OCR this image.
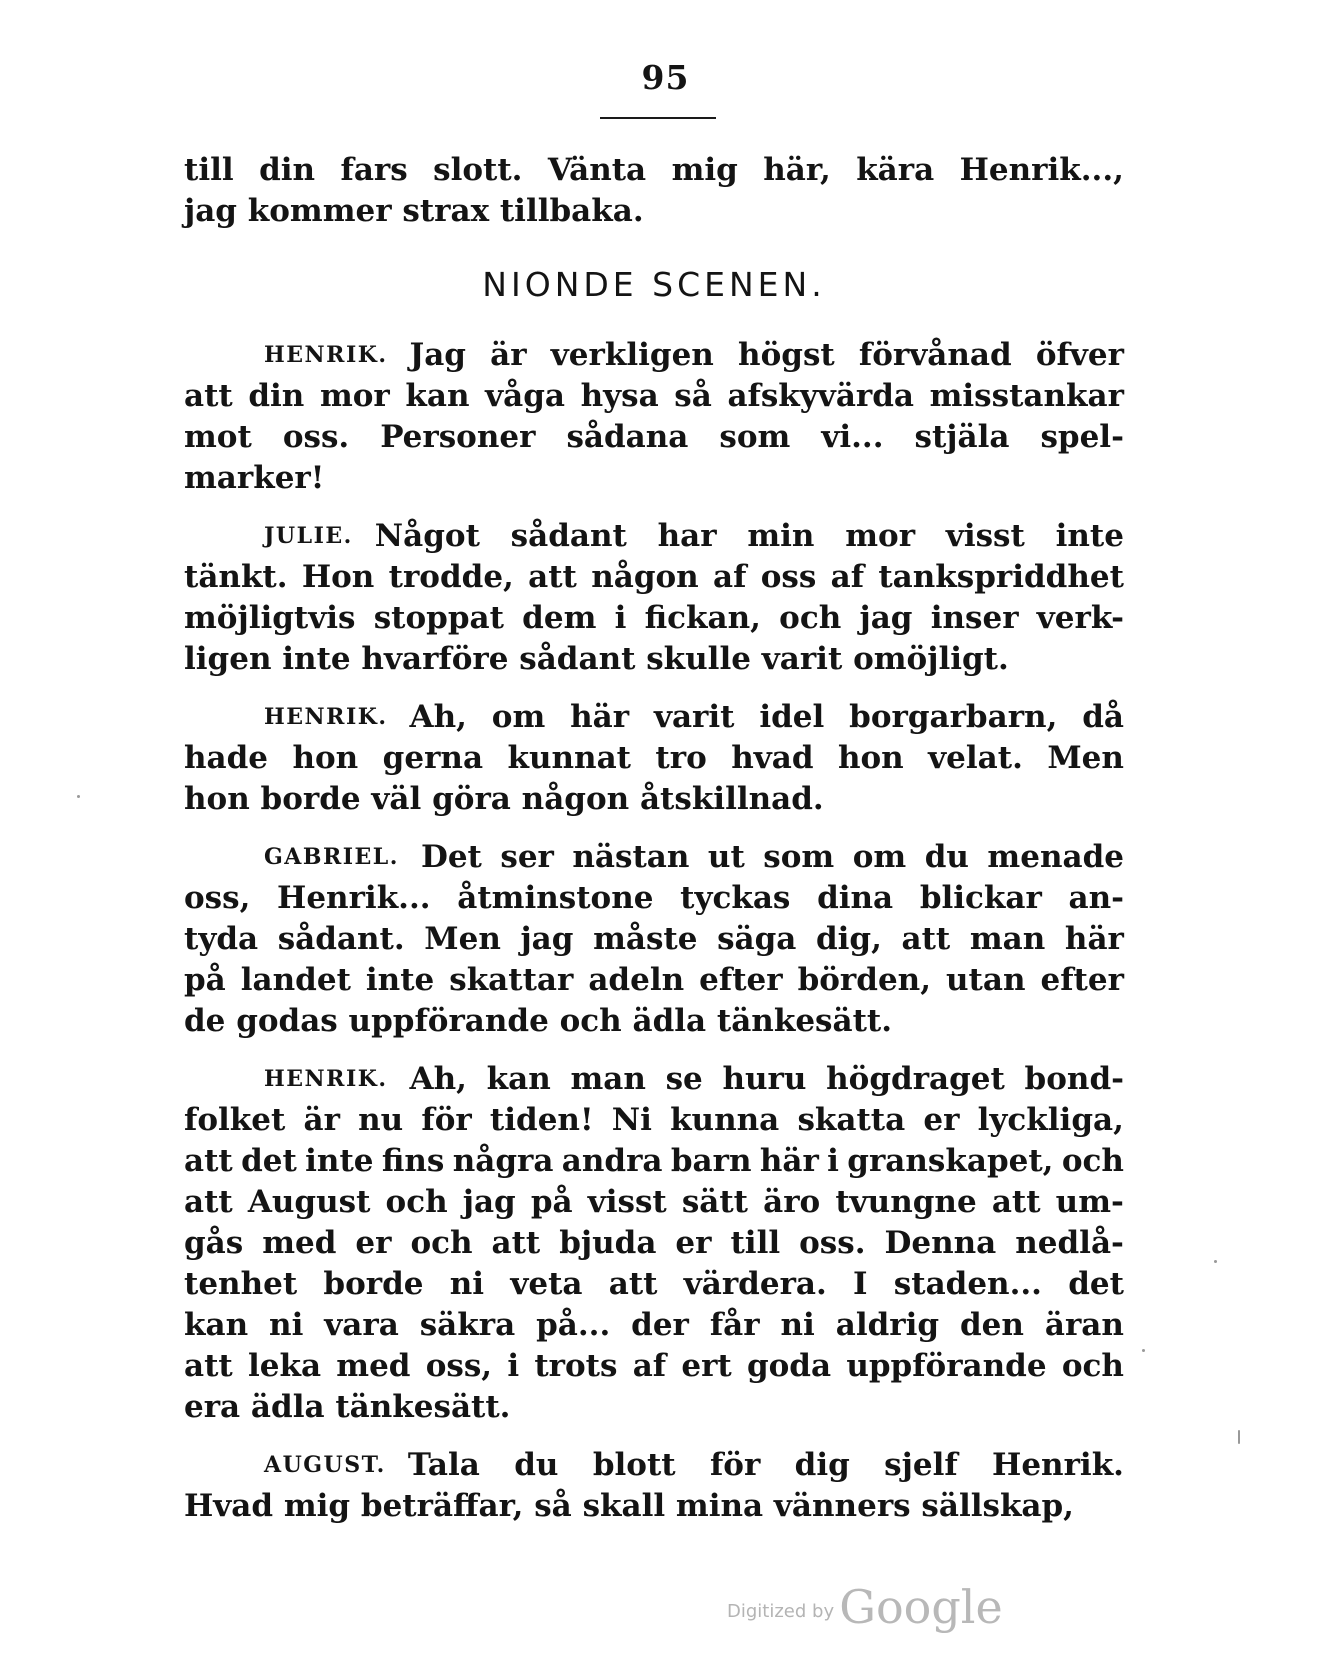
95
till din fars slott. Vänta mig här, kära Henrik...,
jag kommer strax tillbaka.
NIONDE SCENEN.
HENRIK. Jag är verkligen högst förvånad öfver
att din mor kan våga hysa så afskyvärda misstankar
mot oss. Personer sådana som vi... stjäla spel-
marker!
JULIE. Något sådant har min mor visst inte
tänkt. Hon trodde, att någon af oss af tankspriddhet
möjligtvis stoppat dem i fickan, och jag inser verk-
ligen inte hvarföre sådant skulle varit omöjligt.
HENRIK. Ah, om här varit idel borgarbarn, då
hade hon gerna kunnat tro hvad hon velat. Men
hon borde väl göra någon åtskillnad.
GABRIEL. Det ser nästan ut som om du menade
oss, Henrik... åtminstone tyckas dina blickar an-
tyda sådant. Men jag måste säga dig, att man här
på landet inte skattar adeln efter börden, utan efter
de godas uppförande och ädla tänkesätt.
HENRIK. Ah, kan man se huru högdraget bond-
folket är nu för tiden! Ni kunna skatta er lyckliga,
att det inte fins några andra barn här i granskapet, och
att August och jag på visst sätt äro tvungne att um-
gås med er och att bjuda er till oss. Denna nedlå-
tenhet borde ni veta att värdera. I staden... det
kan ni vara säkra på... der får ni aldrig den äran
att leka med oss, i trots af ert goda uppförande och
era ädla tänkesätt.
AUGUST. Tala du blott för dig sjelf Henrik.
Hvad mig beträffar, så skall mina vänners sällskap,
Digitized by Google
